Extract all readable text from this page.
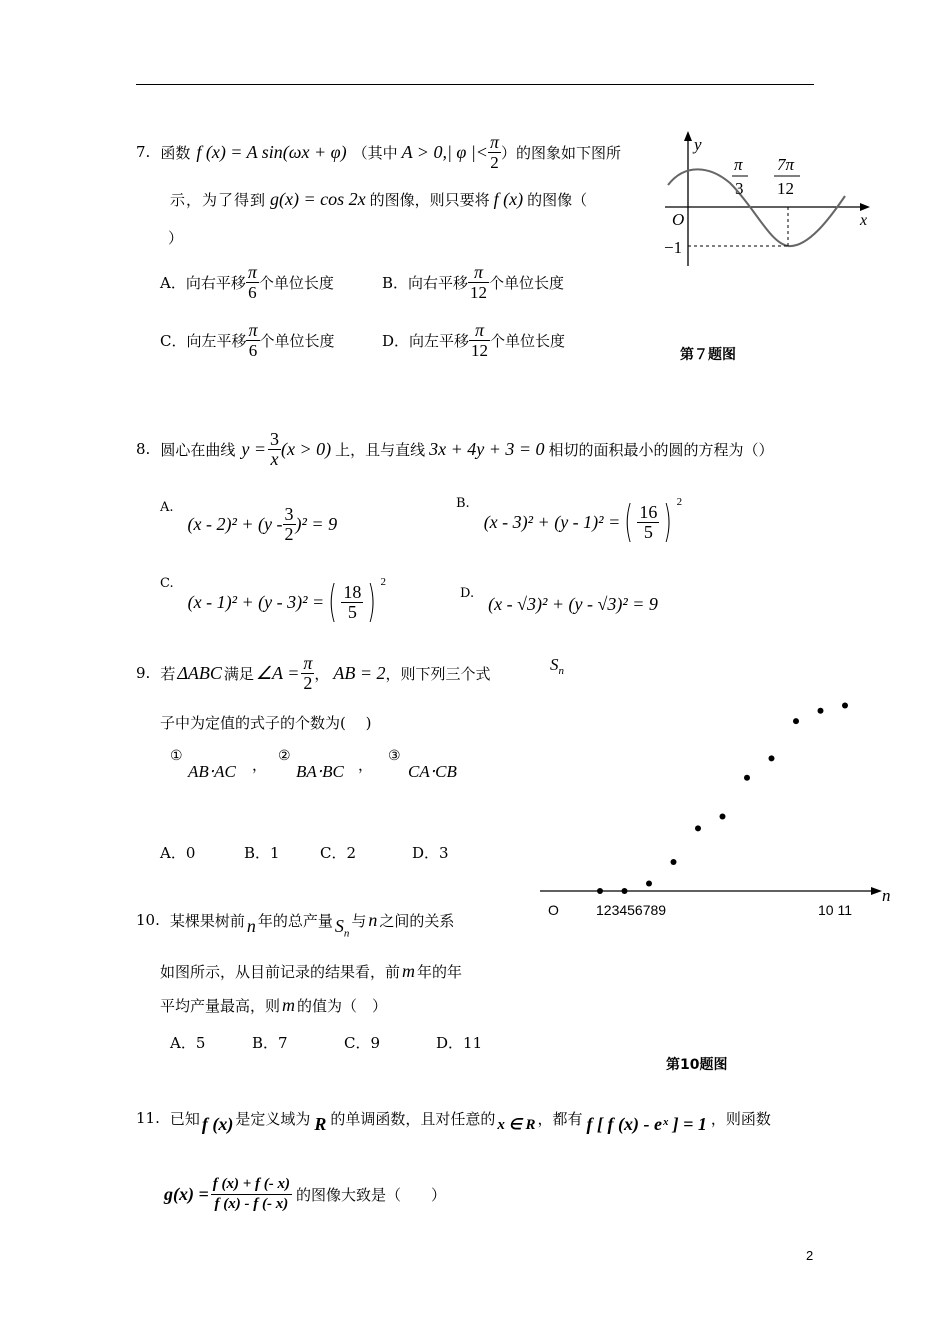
7. 函数 f (x) = A sin(ωx + φ) （其中 A > 0,| φ |< $\frac{\pi}{2}$ ）的图象如下图所
示，为了得到 g(x) = cos 2x 的图像，则只要将 f (x) 的图像（
）
A．向右平移 $\frac{\pi}{6}$ 个单位长度	B．向右平移 $\frac{\pi}{12}$ 个单位长度
C．向左平移 $\frac{\pi}{6}$ 个单位长度	D．向左平移 $\frac{\pi}{12}$ 个单位长度
y
x
O
−1
π
3
7π
12
第７题图
8. 圆心在曲线 $y = \frac{3}{x} (x > 0)$ 上，且与直线 3x + 4y + 3 = 0 相切的面积最小的圆的方程为（）
A.
$(x - 2)^2 + (y - \frac{3}{2} )^2 = 9$
B.
(x - 3)² + (y - 1)² = ( $\frac{16}{5}$ ) 2
C.
(x - 1)² + (y - 3)² = ( $\frac{18}{5}$ ) 2
D. (x - √3)² + (y - √3)² = 9
9. 若 ΔABC 满足 ∠A = $\frac{\pi}{2}$ ， AB = 2 ，则下列三个式
子中为定值的式子的个数为(　 )
①
AB⋅AC ， ②
BA⋅BC ， ③
CA⋅CB
A．0	B．1	C．2	D．3
10. 某棵果树前 n 年的总产量 $S_n$
与 n 之间的关系
如图所示，从目前记录的结果看，前 m 年的年
平均产量最高，则 m 的值为（　）
A．5	B．7	C．9	D．11
$S_n$
n
O	123456789	10 11
第10题图
11. 已知 f (x) 是定义域为 R 的单调函数，且对任意的 x ∈ R ，都有 f [ f (x) - eˣ ] = 1 ，则函数
$g(x) = \frac{f (x) + f (- x)}{f (x) - f (- x)}$ 的图像大致是（　　）
2
